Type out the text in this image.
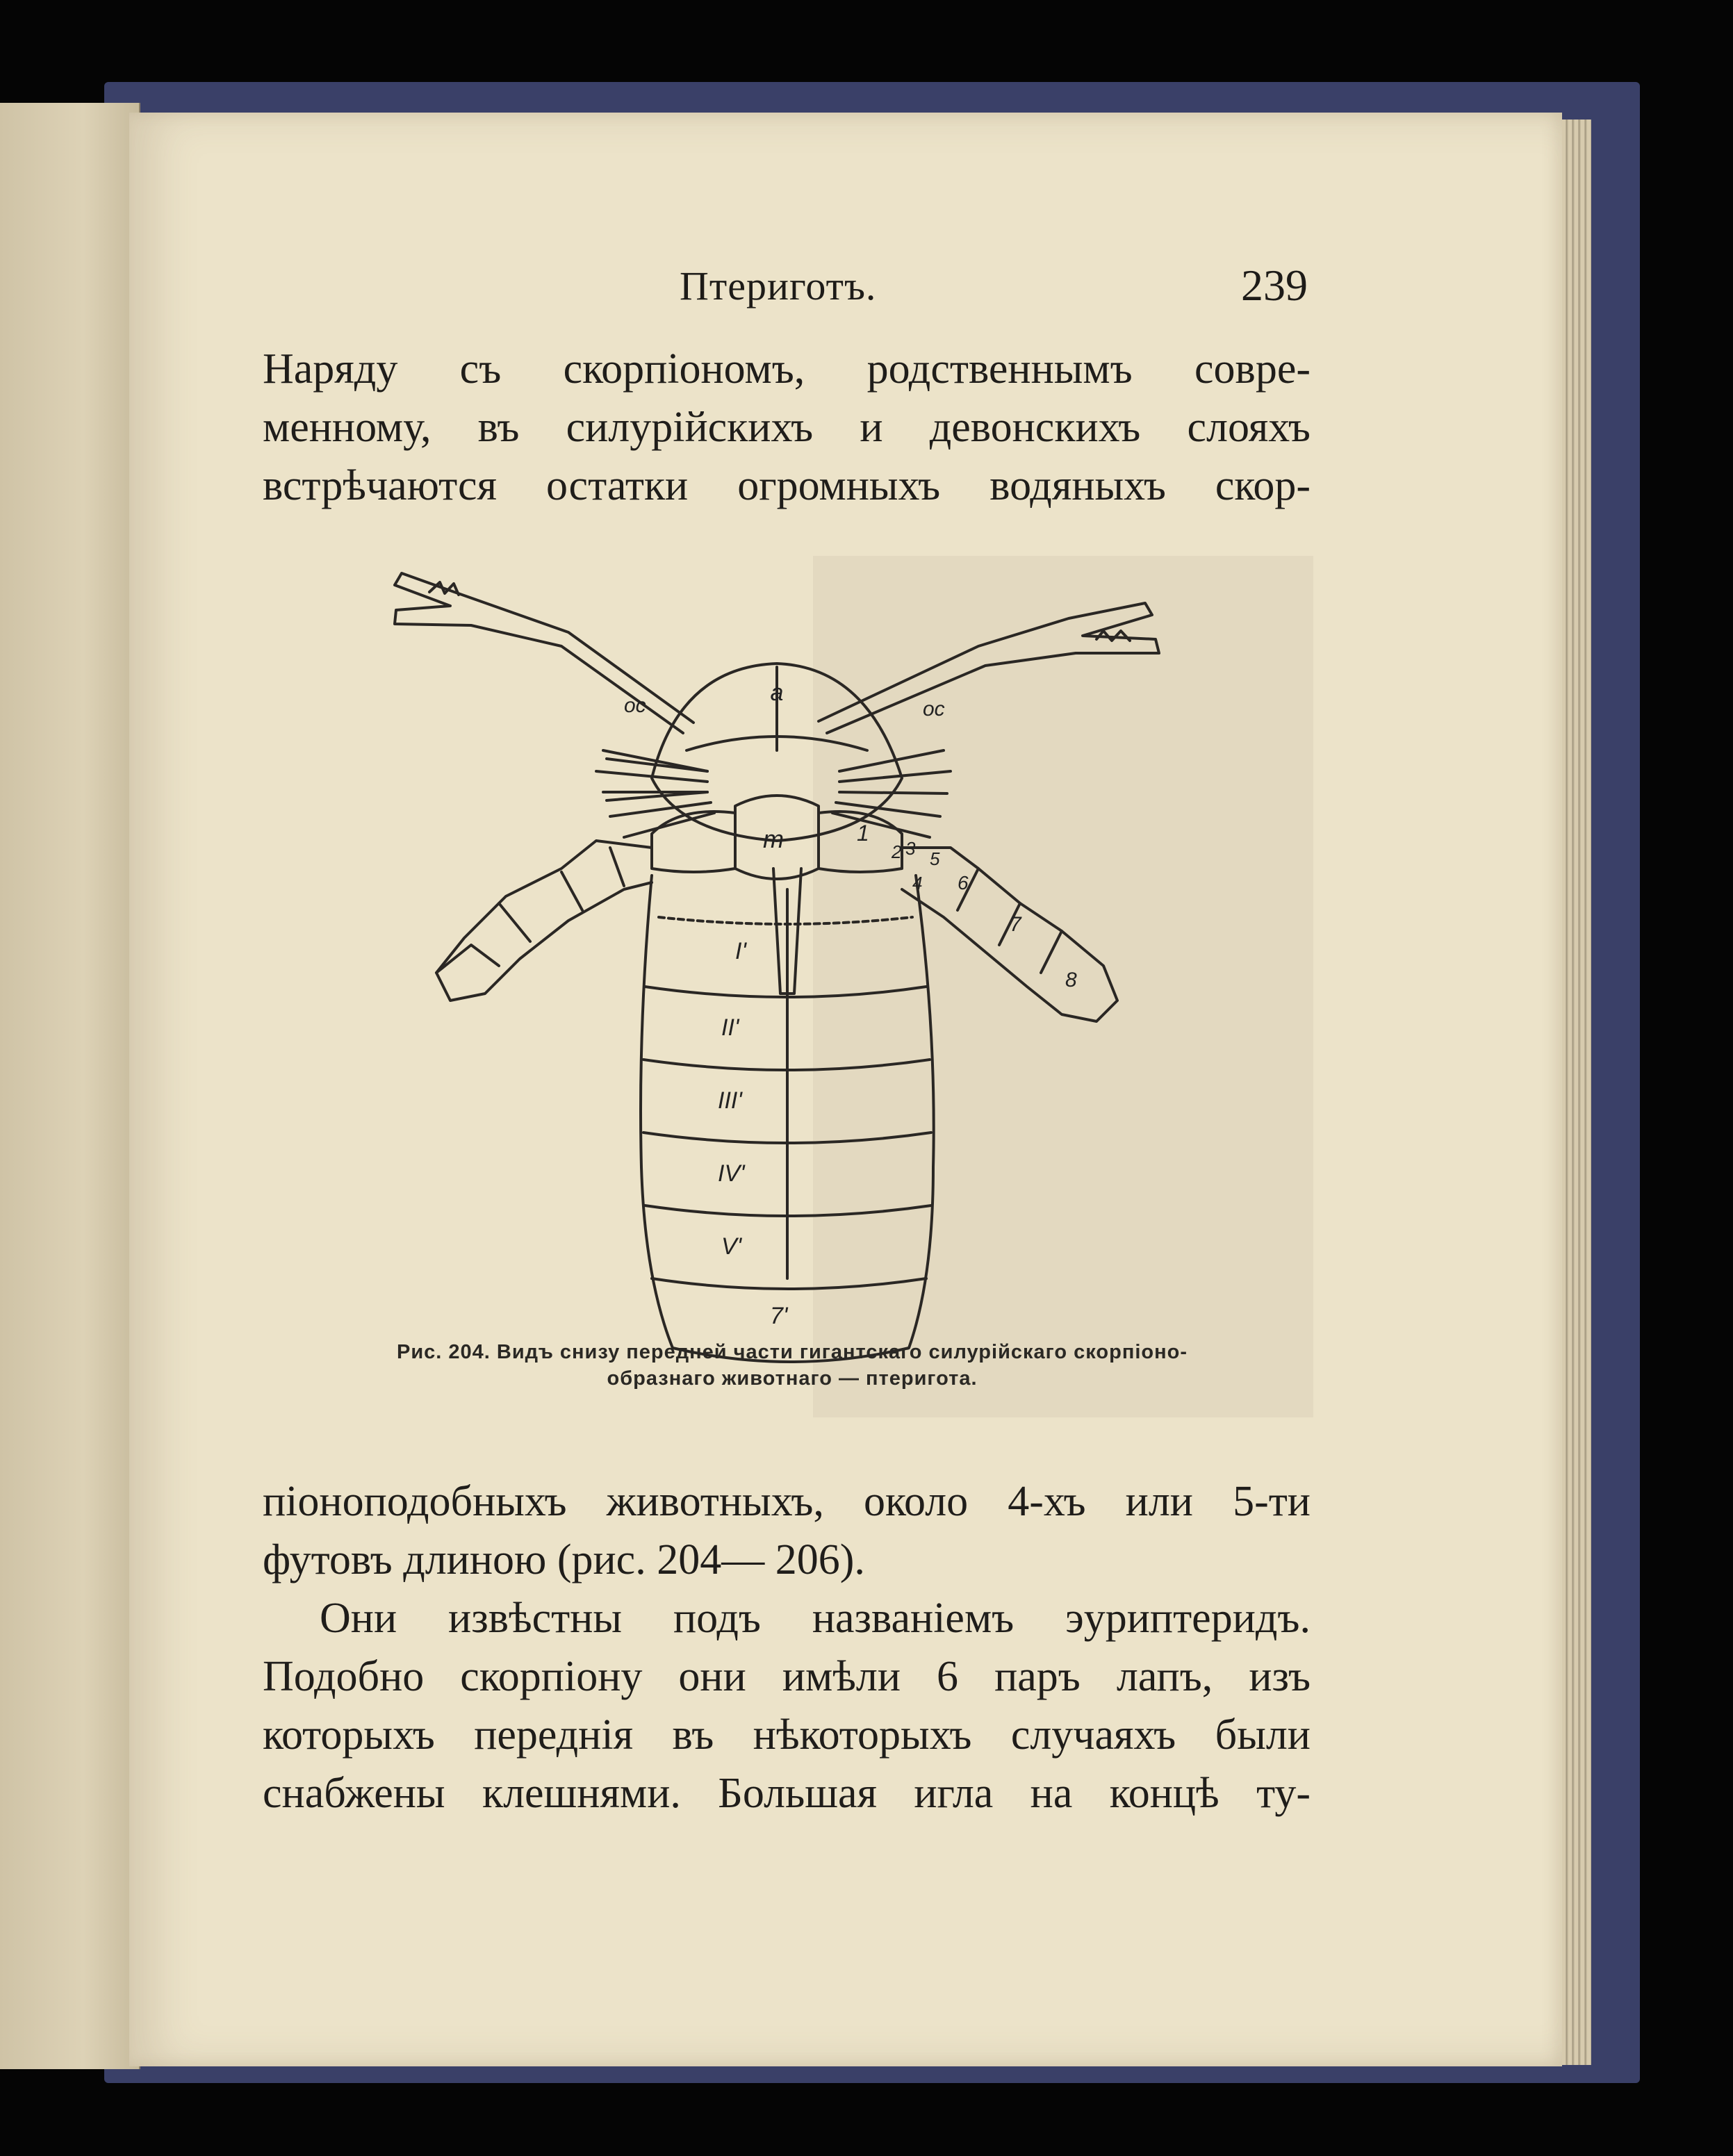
Птериготъ.	239
Наряду съ скорпіономъ, родственнымъ совре-
менному, въ силурійскихъ и девонскихъ слояхъ
встрѣчаются остатки огромныхъ водяныхъ скор-
a
oc	oc
m	1
2 3
4
5
6
7
8
I'
II'
III'
IV'
V'
7'
Рис. 204. Видъ снизу передней части гигантскаго силурійскаго скорпіоно-
образнаго животнаго — птеригота.
піоноподобныхъ животныхъ, около 4-хъ или 5-ти
футовъ длиною (рис. 204— 206).
Они извѣстны подъ названіемъ эуриптеридъ.
Подобно скорпіону они имѣли 6 паръ лапъ, изъ
которыхъ переднія въ нѣкоторыхъ случаяхъ были
снабжены клешнями. Большая игла на концѣ ту-
